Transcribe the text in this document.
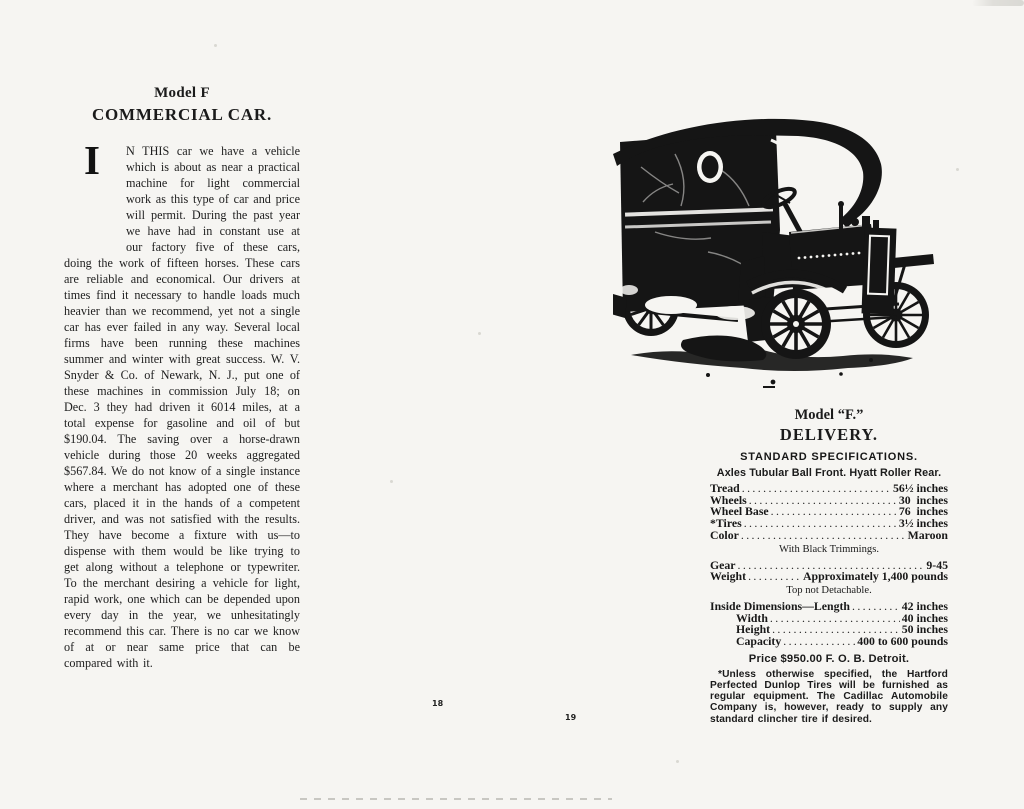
Model F
COMMERCIAL CAR.
I	N THIS car we have a vehicle which is about as near a practical machine for light commercial work as this type of car and price will permit. During the past year we have had in constant use at our factory five of these cars, doing the work of fifteen horses. These cars are reliable and economical. Our drivers at times find it necessary to handle loads much heavier than we recommend, yet not a single car has ever failed in any way. Several local firms have been running these machines summer and winter with great success. W. V. Snyder & Co. of Newark, N. J., put one of these machines in commission July 18; on Dec. 3 they had driven it 6014 miles, at a total expense for gasoline and oil of but $190.04. The saving over a horse-drawn vehicle during those 20 weeks aggregated $567.84. We do not know of a single instance where a merchant has adopted one of these cars, placed it in the hands of a competent driver, and was not satisfied with the results. They have become a fixture with us—to dispense with them would be like trying to get along without a telephone or typewriter. To the merchant desiring a vehicle for light, rapid work, one which can be depended upon every day in the year, we unhesitatingly recommend this car. There is no car we know of at or near same price that can be compared with it.
18
Model “F.”
DELIVERY.
STANDARD SPECIFICATIONS.
Axles Tubular Ball Front. Hyatt Roller Rear.
Tread .....	56½ inches
Wheels .....	30  inches
Wheel Base .....	76  inches
*Tires .....	3½ inches
Color .....	Maroon
With Black Trimmings.
Gear .....	9-45
Weight .....	Approximately 1,400 pounds
Top not Detachable.
Inside Dimensions—Length .....	42 inches
Width .....	40 inches
Height .....	50 inches
Capacity .....	400 to 600 pounds
Price $950.00 F. O. B. Detroit.
*Unless otherwise specified, the Hartford Perfected Dunlop Tires will be furnished as regular equipment. The Cadillac Automobile Company is, however, ready to supply any standard clincher tire if desired.
19
